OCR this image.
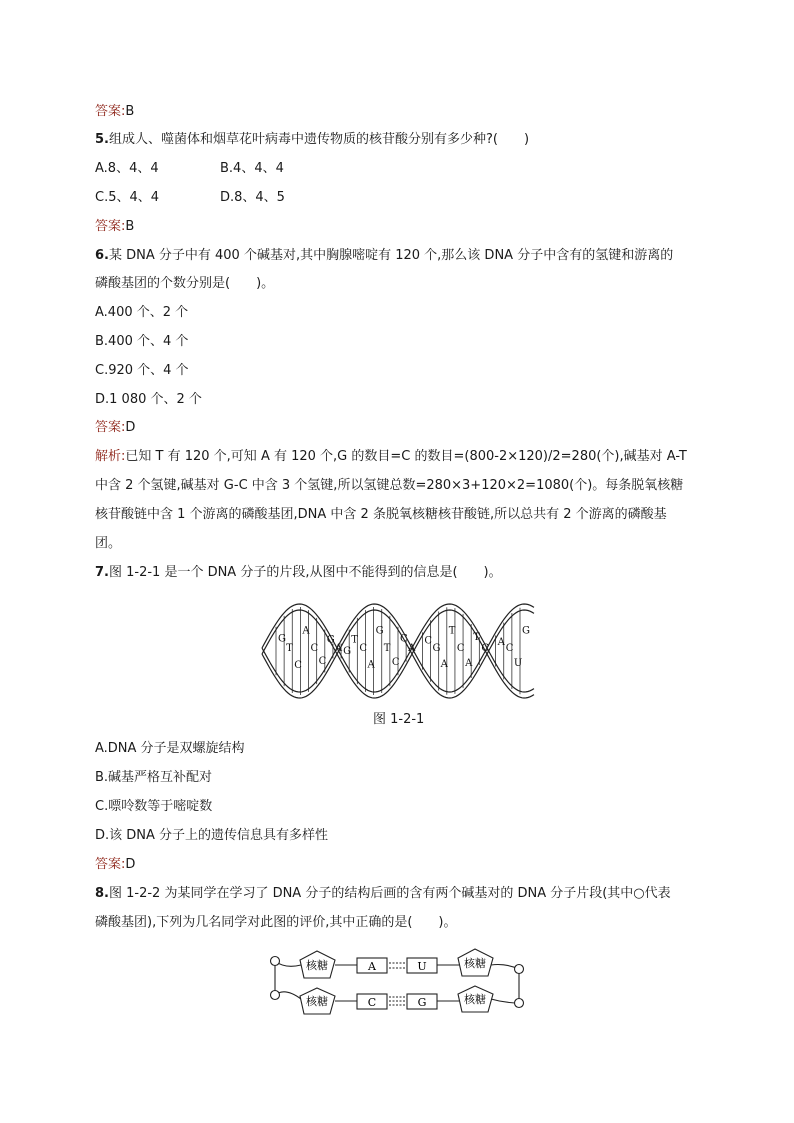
答案:B
5.组成人、噬菌体和烟草花叶病毒中遗传物质的核苷酸分别有多少种?(　　)
A.8、4、4	B.4、4、4
C.5、4、4	D.8、4、5
答案:B
6.某 DNA 分子中有 400 个碱基对,其中胸腺嘧啶有 120 个,那么该 DNA 分子中含有的氢键和游离的
磷酸基团的个数分别是(　　)。
A.400 个、2 个
B.400 个、4 个
C.920 个、4 个
D.1 080 个、2 个
答案:D
解析:已知 T 有 120 个,可知 A 有 120 个,G 的数目=C 的数目=(800-2×120)/2=280(个),碱基对 A-T
中含 2 个氢键,碱基对 G-C 中含 3 个氢键,所以氢键总数=280×3+120×2=1080(个)。每条脱氧核糖
核苷酸链中含 1 个游离的磷酸基团,DNA 中含 2 条脱氧核糖核苷酸链,所以总共有 2 个游离的磷酸基
团。
7.图 1-2-1 是一个 DNA 分子的片段,从图中不能得到的信息是(　　)。
G
T
C
A
C
C
G
A G
T
C
A
G
T
C
C
A
C
G
A
T
C
A
T
C
A
C
U
G
图 1-2-1
A.DNA 分子是双螺旋结构
B.碱基严格互补配对
C.嘌呤数等于嘧啶数
D.该 DNA 分子上的遗传信息具有多样性
答案:D
8.图 1-2-2 为某同学在学习了 DNA 分子的结构后画的含有两个碱基对的 DNA 分子片段(其中○代表
磷酸基团),下列为几名同学对此图的评价,其中正确的是(　　)。
核糖
核糖
核糖
核糖
A	U
C	G
